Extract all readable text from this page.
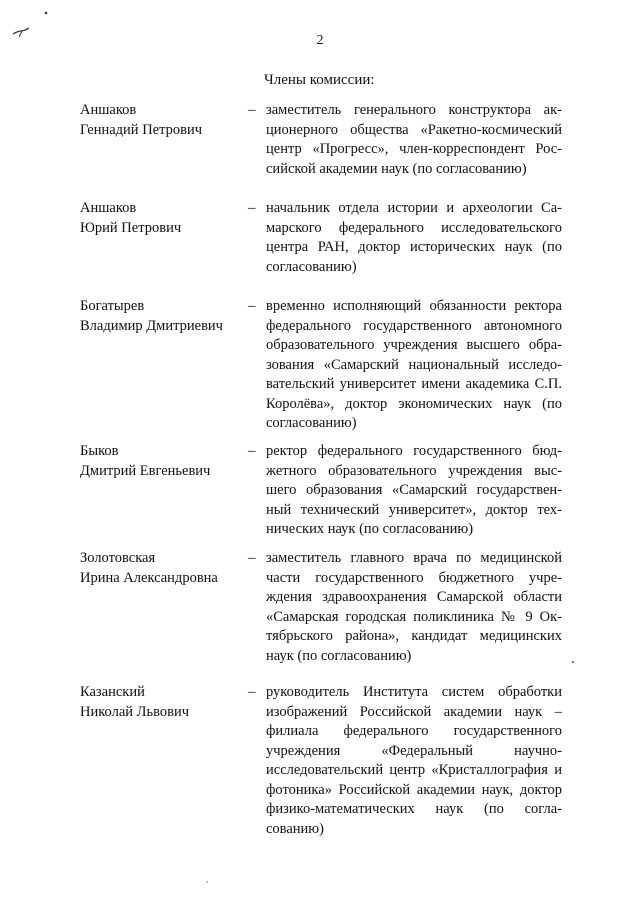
2
Члены комиссии:
Аншаков
Геннадий Петрович
– заместитель генерального конструктора акционерного общества «Ракетно-космический центр «Прогресс», член-корреспондент Российской академии наук (по согласованию)
Аншаков
Юрий Петрович
– начальник отдела истории и археологии Самарского федерального исследовательского центра РАН, доктор исторических наук (по согласованию)
Богатырев
Владимир Дмитриевич
– временно исполняющий обязанности ректора федерального государственного автономного образовательного учреждения высшего образования «Самарский национальный исследовательский университет имени академика С.П. Королёва», доктор экономических наук (по согласованию)
Быков
Дмитрий Евгеньевич
– ректор федерального государственного бюджетного образовательного учреждения высшего образования «Самарский государственный технический университет», доктор технических наук (по согласованию)
Золотовская
Ирина Александровна
– заместитель главного врача по медицинской части государственного бюджетного учреждения здравоохранения Самарской области «Самарская городская поликлиника № 9 Октябрьского района», кандидат медицинских наук (по согласованию)
Казанский
Николай Львович
– руководитель Института систем обработки изображений Российской академии наук – филиала федерального государственного учреждения «Федеральный научно-исследовательский центр «Кристаллография и фотоника» Российской академии наук, доктор физико-математических наук (по согласованию)
